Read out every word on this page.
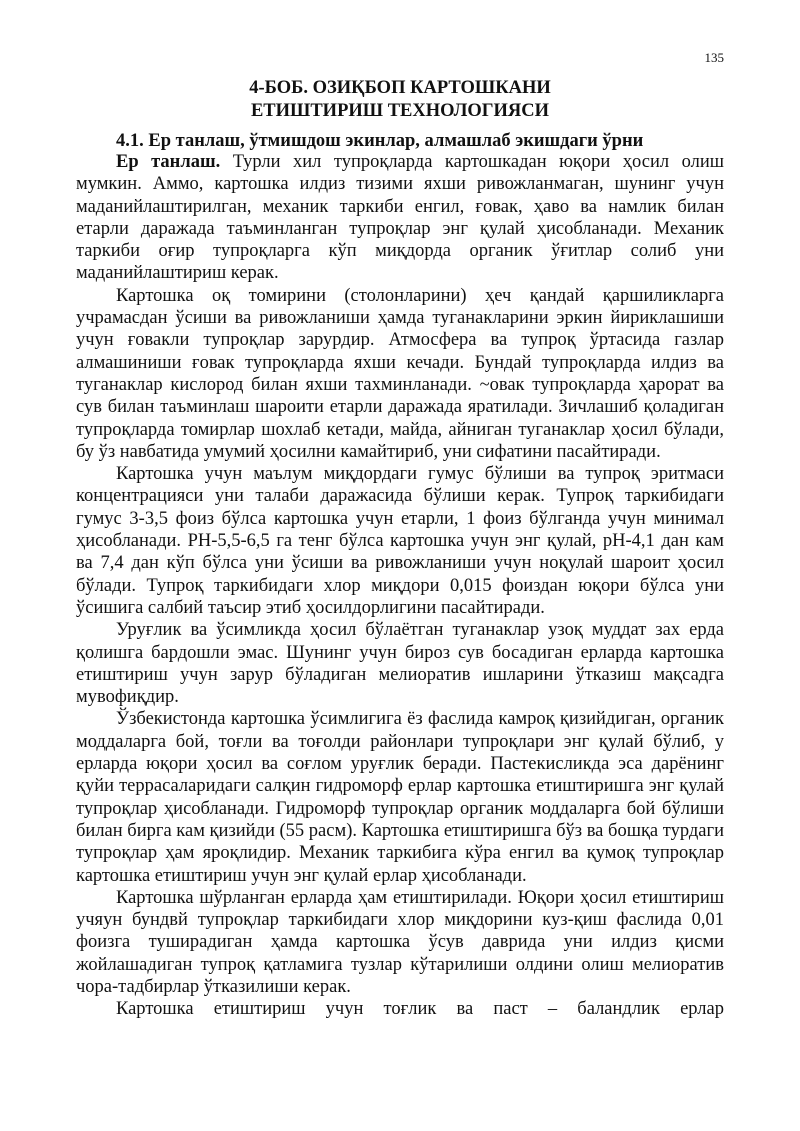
135
4-БОБ. ОЗИҚБОП КАРТОШКАНИ
ЕТИШТИРИШ ТЕХНОЛОГИЯСИ
4.1. Ер танлаш, ўтмишдош экинлар, алмашлаб экишдаги ўрни

Ер танлаш. Турли хил тупроқларда картошкадан юқори ҳосил олиш мумкин. Аммо, картошка илдиз тизими яхши ривожланмаган, шунинг учун маданийлаштирилган, механик таркиби енгил, ғовак, ҳаво ва намлик билан етарли даражада таъминланган тупроқлар энг қулай ҳисобланади. Механик таркиби оғир тупроқларга кўп миқдорда органик ўғитлар солиб уни маданийлаштириш керак.

Картошка оқ томирини (столонларини) ҳеч қандай қаршиликларга учрамасдан ўсиши ва ривожланиши ҳамда туганакларини эркин йириклашиши учун ғовакли тупроқлар зарурдир. Атмосфера ва тупроқ ўртасида газлар алмашиниши ғовак тупроқларда яхши кечади. Бундай тупроқларда илдиз ва туганаклар кислород билан яхши тахминланади. ~овак тупроқларда ҳарорат ва сув билан таъминлаш шароити етарли даражада яратилади. Зичлашиб қоладиган тупроқларда томирлар шохлаб кетади, майда, айниган туганаклар ҳосил бўлади, бу ўз навбатида умумий ҳосилни камайтириб, уни сифатини пасайтиради.

Картошка учун маълум миқдордаги гумус бўлиши ва тупроқ эритмаси концентрацияси уни талаби даражасида бўлиши керак. Тупроқ таркибидаги гумус 3-3,5 фоиз бўлса картошка учун етарли, 1 фоиз бўлганда учун минимал ҳисобланади. РН-5,5-6,5 га тенг бўлса картошка учун энг қулай, рН-4,1 дан кам ва 7,4 дан кўп бўлса уни ўсиши ва ривожланиши учун ноқулай шароит ҳосил бўлади. Тупроқ таркибидаги хлор миқдори 0,015 фоиздан юқори бўлса уни ўсишига салбий таъсир этиб ҳосилдорлигини пасайтиради.

Уруғлик ва ўсимликда ҳосил бўлаётган туганаклар узоқ муддат зах ерда қолишга бардошли эмас. Шунинг учун бироз сув босадиган ерларда картошка етиштириш учун зарур бўладиган мелиоратив ишларини ўтказиш мақсадга мувофиқдир.

Ўзбекистонда картошка ўсимлигига ёз фаслида камроқ қизийдиган, органик моддаларга бой, тоғли ва тоғолди районлари тупроқлари энг қулай бўлиб, у ерларда юқори ҳосил ва соғлом уруғлик беради. Пастекисликда эса дарёнинг қуйи террасаларидаги салқин гидроморф ерлар картошка етиштиришга энг қулай тупроқлар ҳисобланади. Гидроморф тупроқлар органик моддаларга бой бўлиши билан бирга кам қизийди (55 расм). Картошка етиштиришга бўз ва бошқа турдаги тупроқлар ҳам яроқлидир. Механик таркибига кўра енгил ва қумоқ тупроқлар картошка етиштириш учун энг қулай ерлар ҳисобланади.

Картошка шўрланган ерларда ҳам етиштирилади. Юқори ҳосил етиштириш учяун бундвй тупроқлар таркибидаги хлор миқдорини куз-қиш фаслида 0,01 фоизга туширадиган ҳамда картошка ўсув даврида уни илдиз қисми жойлашадиган тупроқ қатламига тузлар кўтарилиши олдини олиш мелиоратив чора-тадбирлар ўтказилиши керак.

Картошка етиштириш учун тоғлик ва паст – баландлик ерлар
